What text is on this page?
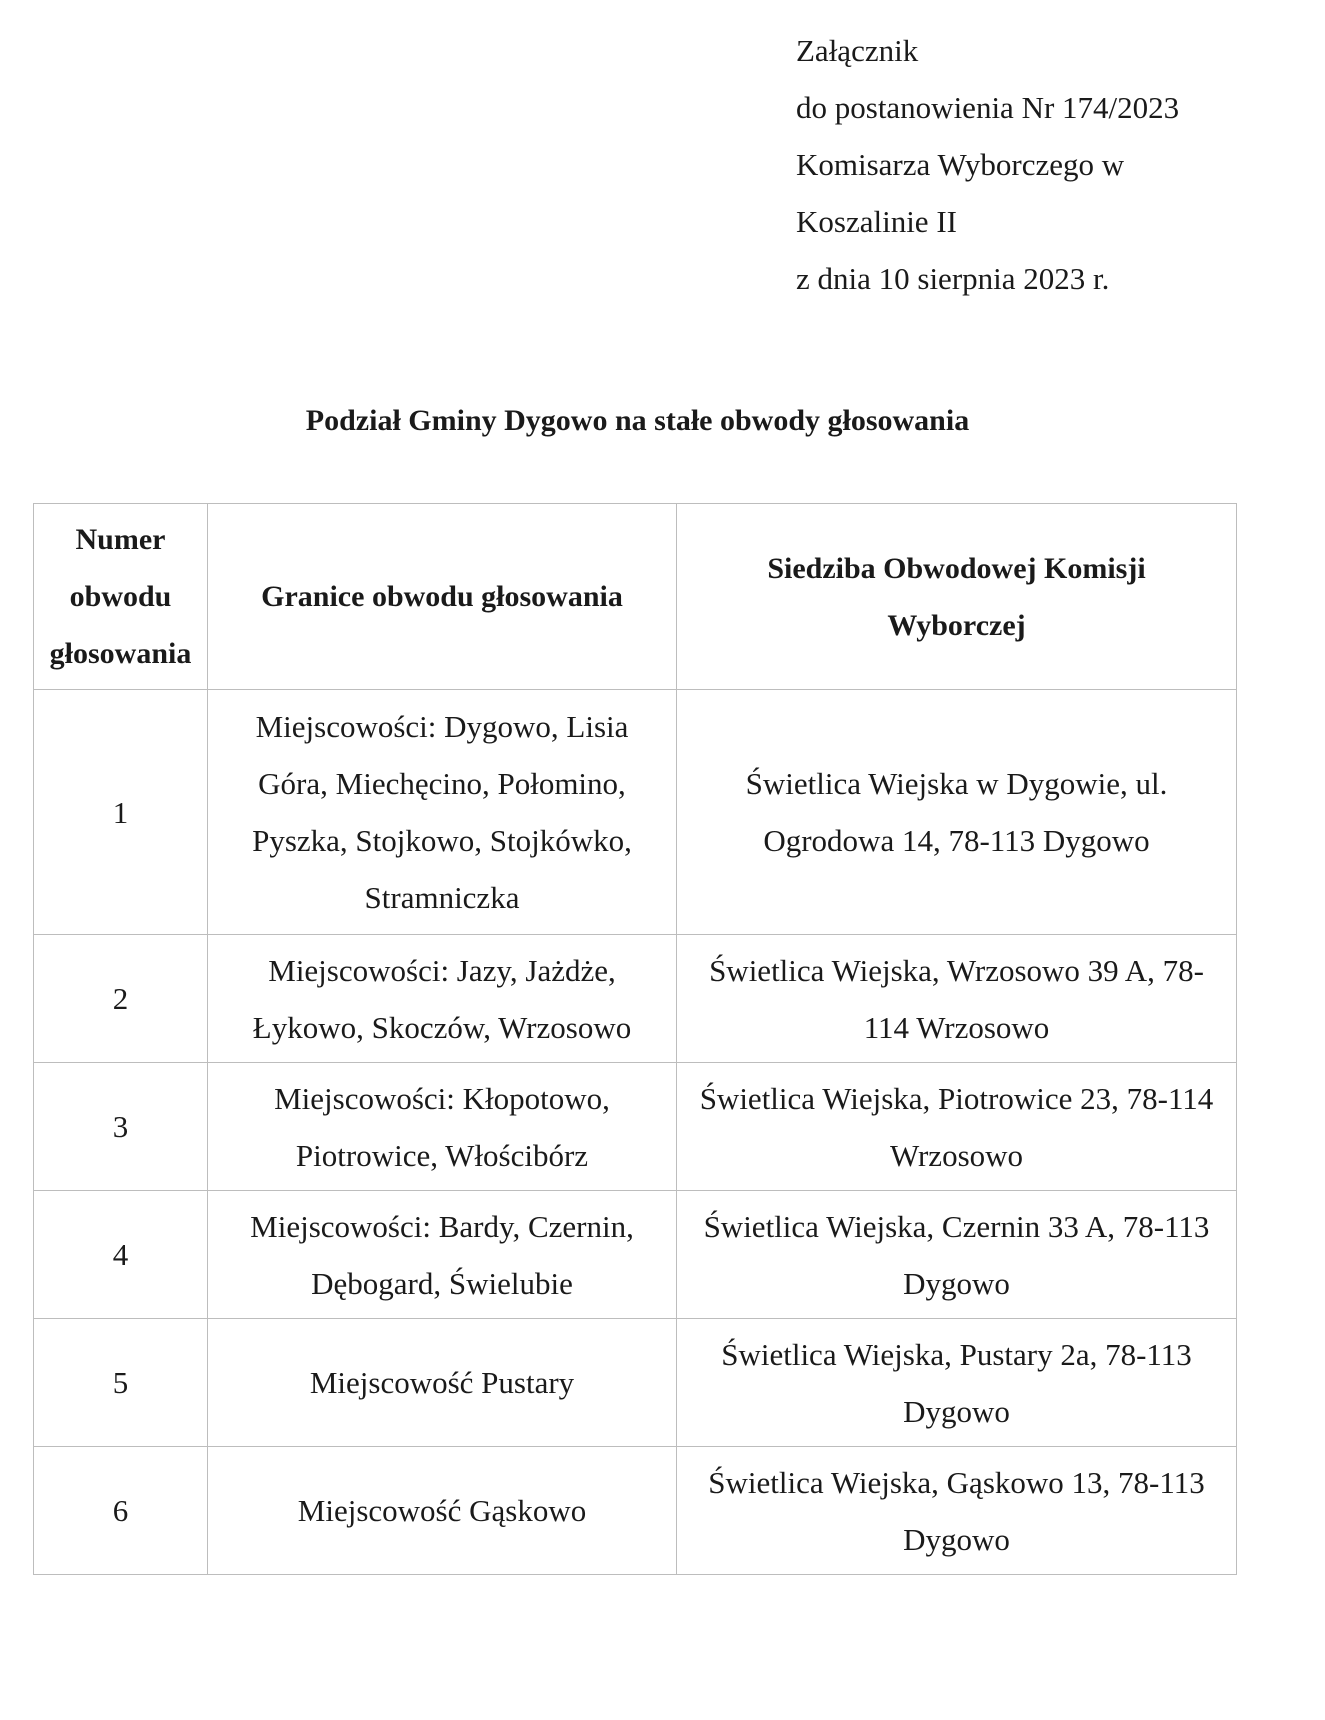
Załącznik
do postanowienia Nr 174/2023
Komisarza Wyborczego w
Koszalinie II
z dnia 10 sierpnia 2023 r.
Podział Gminy Dygowo na stałe obwody głosowania
Numer obwodu głosowania	Granice obwodu głosowania	Siedziba Obwodowej Komisji Wyborczej
1	Miejscowości: Dygowo, Lisia Góra, Miechęcino, Połomino, Pyszka, Stojkowo, Stojkówko, Stramniczka	Świetlica Wiejska w Dygowie, ul. Ogrodowa 14, 78-113 Dygowo
2	Miejscowości: Jazy, Jażdże, Łykowo, Skoczów, Wrzosowo	Świetlica Wiejska, Wrzosowo 39 A, 78-114 Wrzosowo
3	Miejscowości: Kłopotowo, Piotrowice, Włościbórz	Świetlica Wiejska, Piotrowice 23, 78-114 Wrzosowo
4	Miejscowości: Bardy, Czernin, Dębogard, Świelubie	Świetlica Wiejska, Czernin 33 A, 78-113 Dygowo
5	Miejscowość Pustary	Świetlica Wiejska, Pustary 2a, 78-113 Dygowo
6	Miejscowość Gąskowo	Świetlica Wiejska, Gąskowo 13, 78-113 Dygowo
